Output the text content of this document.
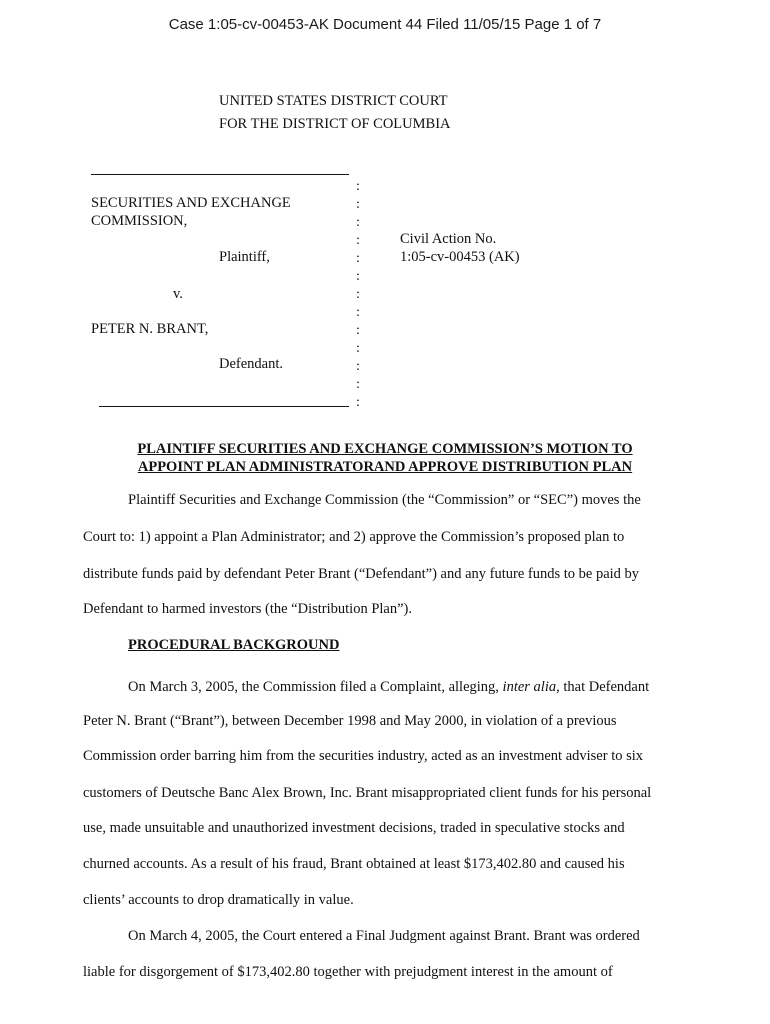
Case 1:05-cv-00453-AK Document 44 Filed 11/05/15 Page 1 of 7
UNITED STATES DISTRICT COURT
FOR THE DISTRICT OF COLUMBIA
SECURITIES AND EXCHANGE
COMMISSION,
Plaintiff,
v.
PETER N. BRANT,
Defendant.
:
:
:
:
:
:
:
:
:
:
:
:
:
Civil Action No.
1:05-cv-00453 (AK)
PLAINTIFF SECURITIES AND EXCHANGE COMMISSION’S MOTION TO
APPOINT PLAN ADMINISTRATORAND APPROVE DISTRIBUTION PLAN
Plaintiff Securities and Exchange Commission (the “Commission” or “SEC”) moves the
Court to: 1) appoint a Plan Administrator; and 2) approve the Commission’s proposed plan to
distribute funds paid by defendant Peter Brant (“Defendant”) and any future funds to be paid by
Defendant to harmed investors (the “Distribution Plan”).
PROCEDURAL BACKGROUND
On March 3, 2005, the Commission filed a Complaint, alleging, inter alia, that Defendant
Peter N. Brant (“Brant”), between December 1998 and May 2000, in violation of a previous
Commission order barring him from the securities industry, acted as an investment adviser to six
customers of Deutsche Banc Alex Brown, Inc. Brant misappropriated client funds for his personal
use, made unsuitable and unauthorized investment decisions, traded in speculative stocks and
churned accounts. As a result of his fraud, Brant obtained at least $173,402.80 and caused his
clients’ accounts to drop dramatically in value.
On March 4, 2005, the Court entered a Final Judgment against Brant. Brant was ordered
liable for disgorgement of $173,402.80 together with prejudgment interest in the amount of
